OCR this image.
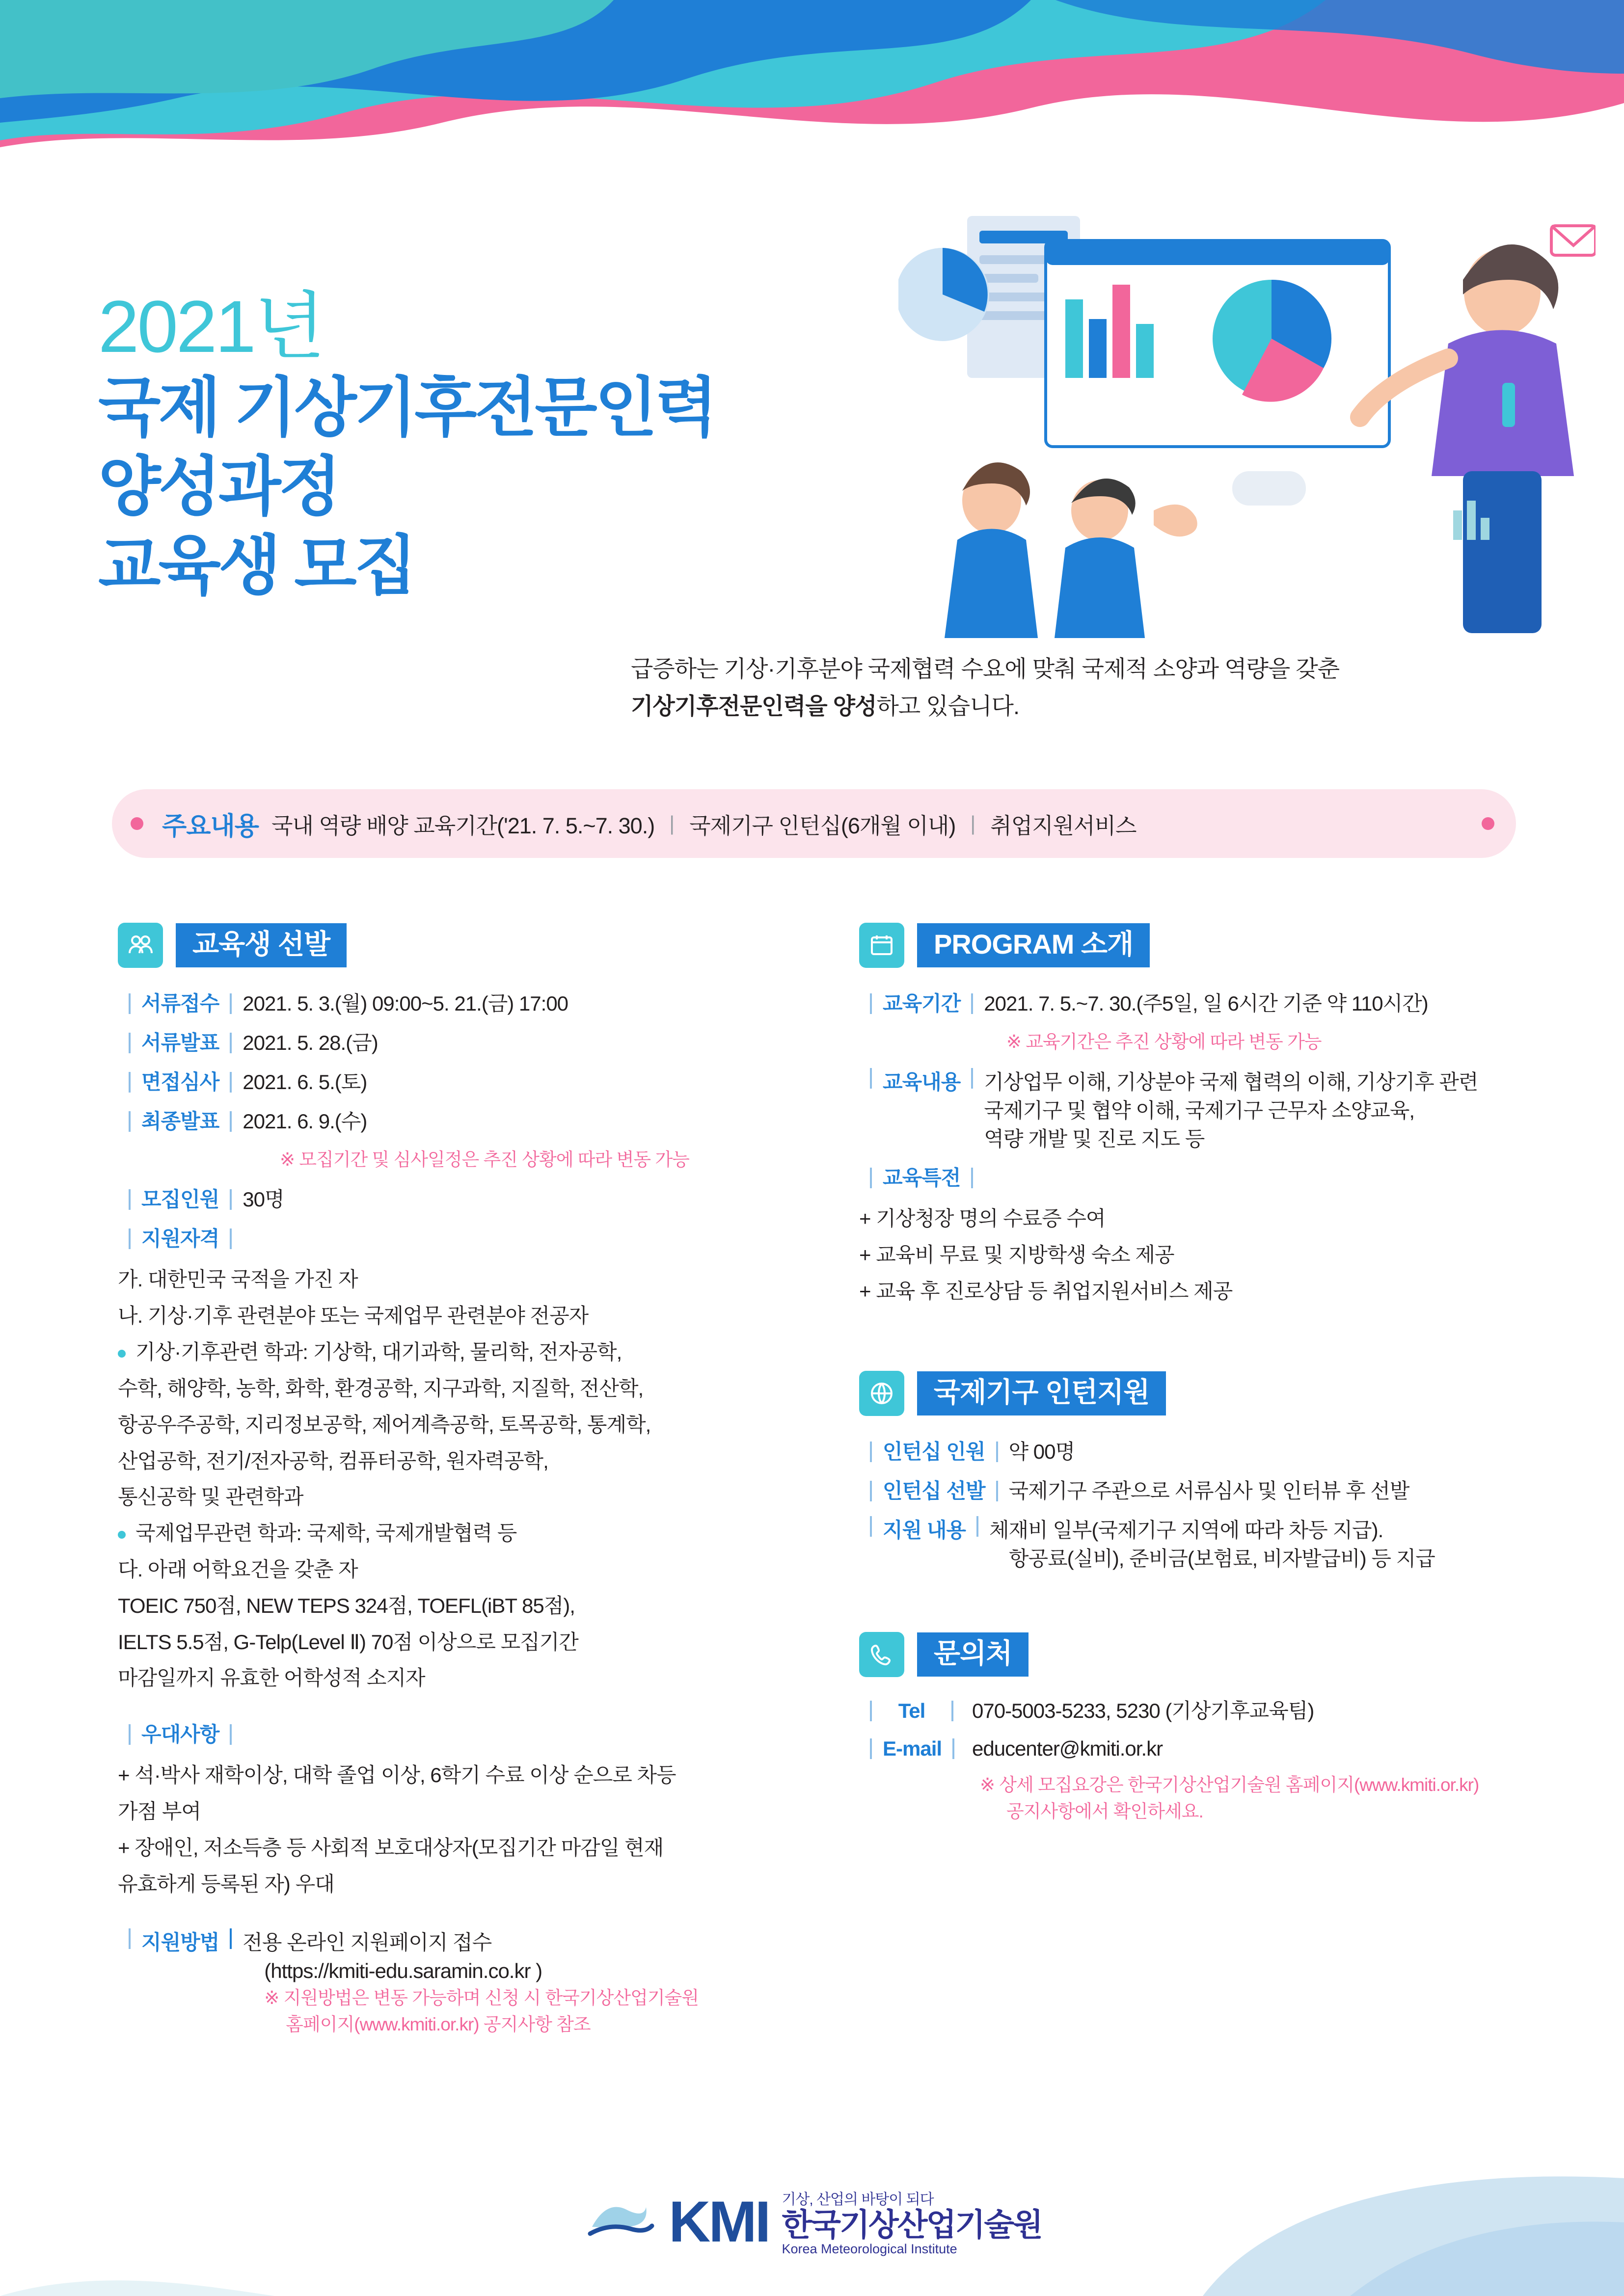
2021년
국제 기상기후전문인력
양성과정
교육생 모집
급증하는 기상·기후분야 국제협력 수요에 맞춰 국제적 소양과 역량을 갖춘
기상기후전문인력을 양성하고 있습니다.
주요내용 국내 역량 배양 교육기간('21. 7. 5.~7. 30.) | 국제기구 인턴십(6개월 이내) | 취업지원서비스
교육생 선발
서류접수 2021. 5. 3.(월) 09:00~5. 21.(금) 17:00
서류발표 2021. 5. 28.(금)
면접심사 2021. 6. 5.(토)
최종발표 2021. 6. 9.(수)
※ 모집기간 및 심사일정은 추진 상황에 따라 변동 가능
모집인원 30명
지원자격

가. 대한민국 국적을 가진 자

나. 기상·기후 관련분야 또는 국제업무 관련분야 전공자

기상·기후관련 학과: 기상학, 대기과학, 물리학, 전자공학,

수학, 해양학, 농학, 화학, 환경공학, 지구과학, 지질학, 전산학,

항공우주공학, 지리정보공학, 제어계측공학, 토목공학, 통계학,

산업공학, 전기/전자공학, 컴퓨터공학, 원자력공학,

통신공학 및 관련학과

국제업무관련 학과: 국제학, 국제개발협력 등

다. 아래 어학요건을 갖춘 자

TOEIC 750점, NEW TEPS 324점, TOEFL(iBT 85점),

IELTS 5.5점, G-Telp(Level Ⅱ) 70점 이상으로 모집기간

마감일까지 유효한 어학성적 소지자

우대사항

+ 석·박사 재학이상, 대학 졸업 이상, 6학기 수료 이상 순으로 차등

가점 부여

+ 장애인, 저소득층 등 사회적 보호대상자(모집기간 마감일 현재

유효하게 등록된 자) 우대

지원방법 전용 온라인 지원페이지 접수
(https://kmiti-edu.saramin.co.kr )
※ 지원방법은 변동 가능하며 신청 시 한국기상산업기술원
홈페이지(www.kmiti.or.kr) 공지사항 참조
PROGRAM 소개
교육기간 2021. 7. 5.~7. 30.(주5일, 일 6시간 기준 약 110시간)
※ 교육기간은 추진 상황에 따라 변동 가능
교육내용 기상업무 이해, 기상분야 국제 협력의 이해, 기상기후 관련
국제기구 및 협약 이해, 국제기구 근무자 소양교육,
역량 개발 및 진로 지도 등
교육특전

+ 기상청장 명의 수료증 수여

+ 교육비 무료 및 지방학생 숙소 제공

+ 교육 후 진로상담 등 취업지원서비스 제공

국제기구 인턴지원
인턴십 인원 약 00명
인턴십 선발 국제기구 주관으로 서류심사 및 인터뷰 후 선발
지원 내용 체재비 일부(국제기구 지역에 따라 차등 지급).
항공료(실비), 준비금(보험료, 비자발급비) 등 지급
문의처
Tel	070-5003-5233, 5230 (기상기후교육팀)
E-mail educenter@kmiti.or.kr
※ 상세 모집요강은 한국기상산업기술원 홈페이지(www.kmiti.or.kr)
공지사항에서 확인하세요.
KMI 기상, 산업의 바탕이 되다
한국기상산업기술원
Korea Meteorological Institute
